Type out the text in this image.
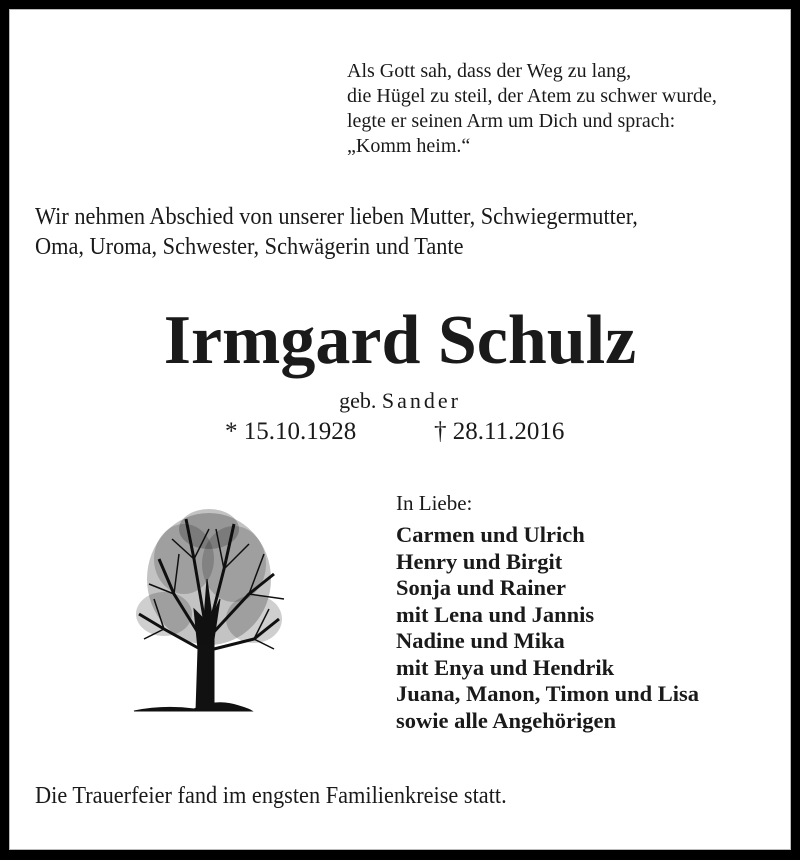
Als Gott sah, dass der Weg zu lang,
die Hügel zu steil, der Atem zu schwer wurde,
legte er seinen Arm um Dich und sprach:
„Komm heim.“
Wir nehmen Abschied von unserer lieben Mutter, Schwiegermutter,
Oma, Uroma, Schwester, Schwägerin und Tante
Irmgard Schulz
geb. Sander
* 15.10.1928	† 28.11.2016
In Liebe:
Carmen und Ulrich
Henry und Birgit
Sonja und Rainer
mit Lena und Jannis
Nadine und Mika
mit Enya und Hendrik
Juana, Manon, Timon und Lisa
sowie alle Angehörigen
Die Trauerfeier fand im engsten Familienkreise statt.
